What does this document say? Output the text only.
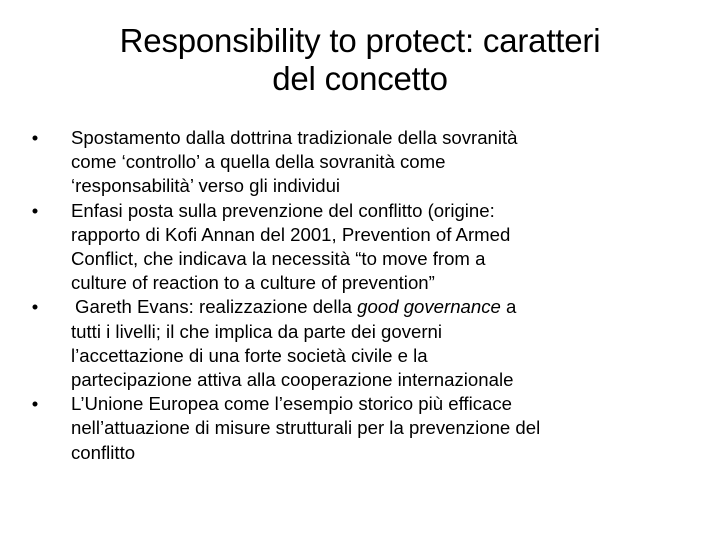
Responsibility to protect: caratteri
del concetto
• Spostamento dalla dottrina tradizionale della sovranità
come ‘controllo’ a quella della sovranità come
‘responsabilità’ verso gli individui
• Enfasi posta sulla prevenzione del conflitto (origine:
rapporto di Kofi Annan del 2001, Prevention of Armed
Conflict, che indicava la necessità “to move from a
culture of reaction to a culture of prevention”
• Gareth Evans: realizzazione della good governance a
tutti i livelli; il che implica da parte dei governi
l’accettazione di una forte società civile e la
partecipazione attiva alla cooperazione internazionale
• L’Unione Europea come l’esempio storico più efficace
nell’attuazione di misure strutturali per la prevenzione del
conflitto
